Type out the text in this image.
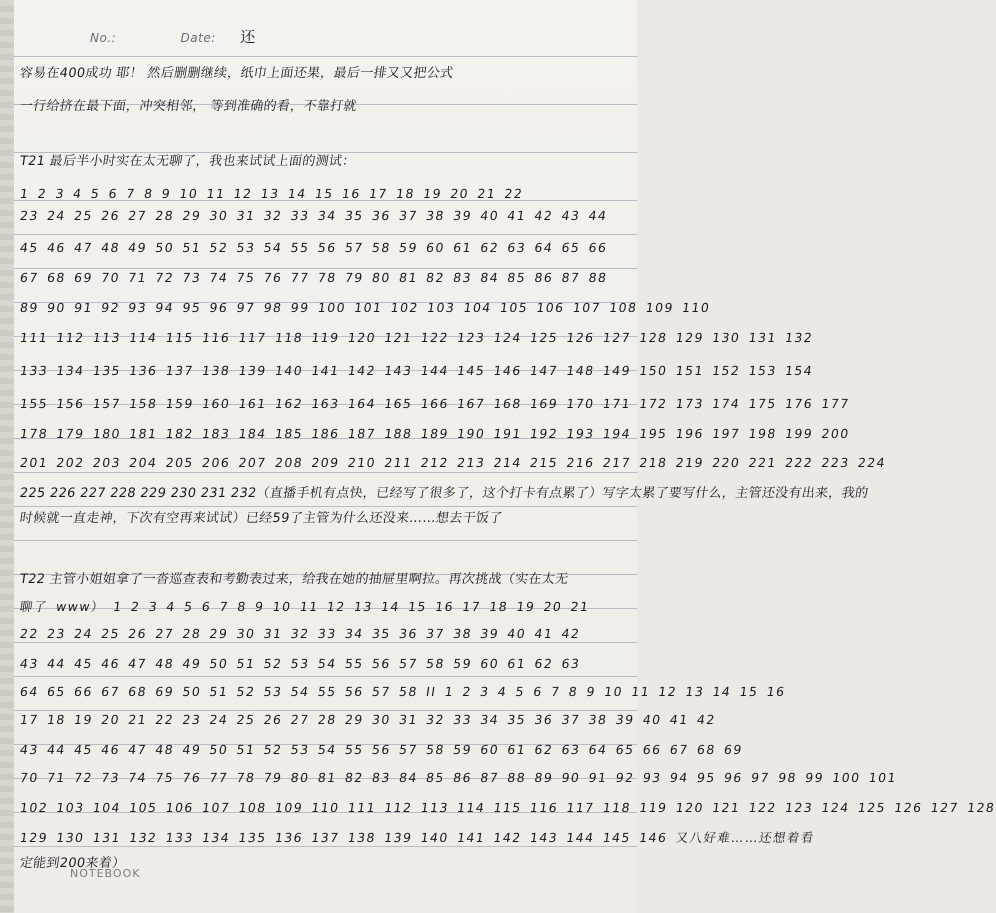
No.:	Date: 还
容易在400成功 耶！ 然后删删继续，纸巾上面还果，最后一排又又把公式
一行给挤在最下面，冲突相邻， 等到准确的看，不靠打就
T21 最后半小时实在太无聊了，我也来试试上面的测试：
1 2 3 4 5 6 7 8 9 10 11 12 13 14 15 16 17 18 19 20 21 22
23 24 25 26 27 28 29 30 31 32 33 34 35 36 37 38 39 40 41 42 43 44
45 46 47 48 49 50 51 52 53 54 55 56 57 58 59 60 61 62 63 64 65 66
67 68 69 70 71 72 73 74 75 76 77 78 79 80 81 82 83 84 85 86 87 88
89 90 91 92 93 94 95 96 97 98 99 100 101 102 103 104 105 106 107 108 109 110
111 112 113 114 115 116 117 118 119 120 121 122 123 124 125 126 127 128 129 130 131 132
133 134 135 136 137 138 139 140 141 142 143 144 145 146 147 148 149 150 151 152 153 154
155 156 157 158 159 160 161 162 163 164 165 166 167 168 169 170 171 172 173 174 175 176 177
178 179 180 181 182 183 184 185 186 187 188 189 190 191 192 193 194 195 196 197 198 199 200
201 202 203 204 205 206 207 208 209 210 211 212 213 214 215 216 217 218 219 220 221 222 223 224
225 226 227 228 229 230 231 232（直播手机有点快，已经写了很多了，这个打卡有点累了）写字太累了要写什么，主管还没有出来，我的
时候就一直走神，下次有空再来试试）已经59了主管为什么还没来……想去干饭了
T22 主管小姐姐拿了一沓巡查表和考勤表过来，给我在她的抽屉里啊拉。再次挑战（实在太无
聊了 www） 1 2 3 4 5 6 7 8 9 10 11 12 13 14 15 16 17 18 19 20 21
22 23 24 25 26 27 28 29 30 31 32 33 34 35 36 37 38 39 40 41 42
43 44 45 46 47 48 49 50 51 52 53 54 55 56 57 58 59 60 61 62 63
64 65 66 67 68 69 50 51 52 53 54 55 56 57 58 II 1 2 3 4 5 6 7 8 9 10 11 12 13 14 15 16
17 18 19 20 21 22 23 24 25 26 27 28 29 30 31 32 33 34 35 36 37 38 39 40 41 42
43 44 45 46 47 48 49 50 51 52 53 54 55 56 57 58 59 60 61 62 63 64 65 66 67 68 69
70 71 72 73 74 75 76 77 78 79 80 81 82 83 84 85 86 87 88 89 90 91 92 93 94 95 96 97 98 99 100 101
102 103 104 105 106 107 108 109 110 111 112 113 114 115 116 117 118 119 120 121 122 123 124 125 126 127 128
129 130 131 132 133 134 135 136 137 138 139 140 141 142 143 144 145 146 又八好难……还想着看
定能到200来着）
NOTEBOOK
